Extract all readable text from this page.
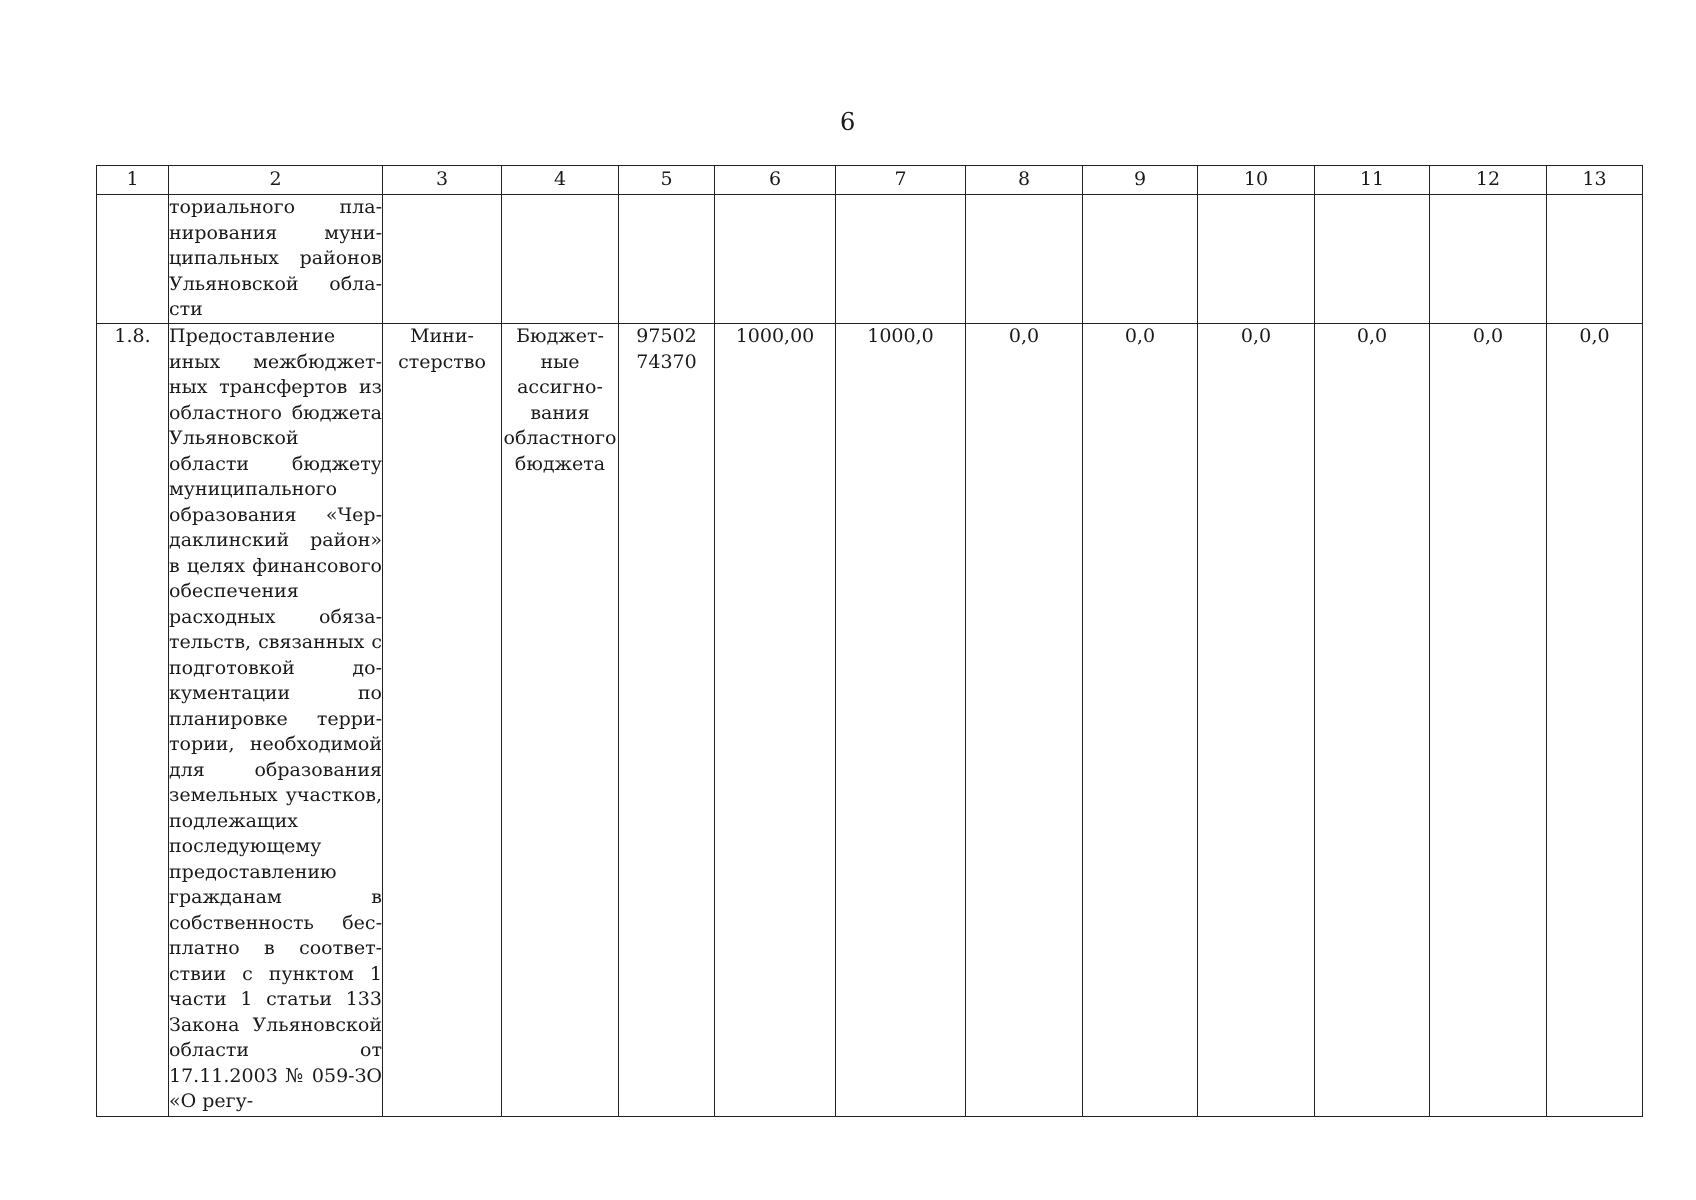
6
1	2	3	4	5	6	7	8	9	10	11	12	13
	ториального планирования муниципальных районов Ульяновской области											
1.8.	Предоставление иных межбюджетных трансфертов из областного бюджета Ульяновской области бюджету муниципального образования «Чердаклинский район» в целях финансового обеспечения расходных обязательств, связанных с подготовкой документации по планировке территории, необходимой для образования земельных участков, подлежащих последующему предоставлению гражданам в собственность бесплатно в соответствии с пунктом 1 части 1 статьи 133 Закона Ульяновской области от 17.11.2003 № 059-ЗО «О регу-	Министерство	Бюджетные ассигнования областного бюджета	97502 74370	1000,00	1000,0	0,0	0,0	0,0	0,0	0,0	0,0
